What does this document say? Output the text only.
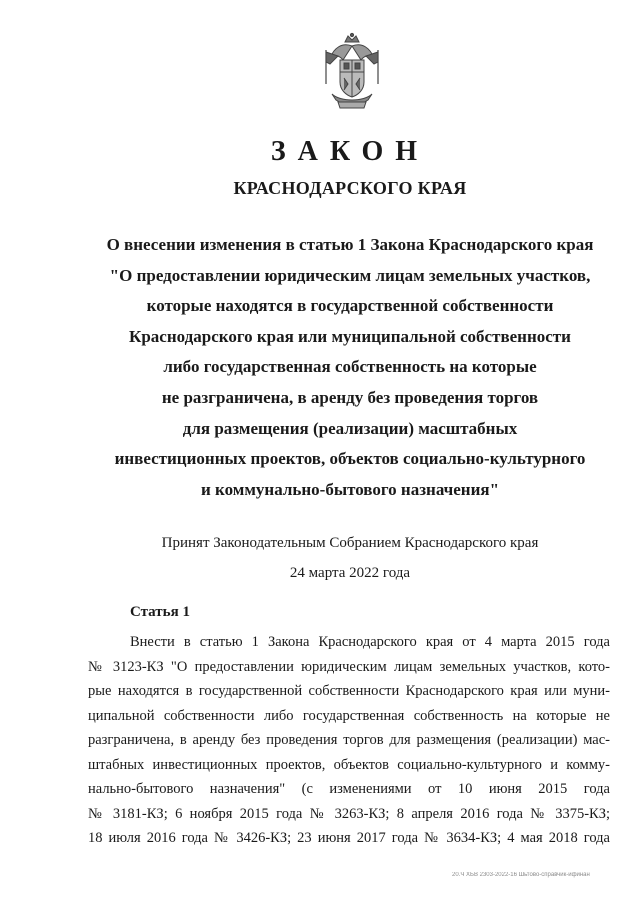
ЗАКОН
КРАСНОДАРСКОГО КРАЯ
О внесении изменения в статью 1 Закона Краснодарского края
"О предоставлении юридическим лицам земельных участков,
которые находятся в государственной собственности
Краснодарского края или муниципальной собственности
либо государственная собственность на которые
не разграничена, в аренду без проведения торгов
для размещения (реализации) масштабных
инвестиционных проектов, объектов социально-культурного
и коммунально-бытового назначения"
Принят Законодательным Собранием Краснодарского края
24 марта 2022 года
Статья 1
Внести в статью 1 Закона Краснодарского края от 4 марта 2015 года
№ 3123-КЗ "О предоставлении юридическим лицам земельных участков, кото-
рые находятся в государственной собственности Краснодарского края или муни-
ципальной собственности либо государственная собственность на которые не
разграничена, в аренду без проведения торгов для размещения (реализации) мас-
штабных инвестиционных проектов, объектов социально-культурного и комму-
нально-бытового назначения" (с изменениями от 10 июня 2015 года
№ 3181-КЗ; 6 ноября 2015 года № 3263-КЗ; 8 апреля 2016 года № 3375-КЗ;
18 июля 2016 года № 3426-КЗ; 23 июня 2017 года № 3634-КЗ; 4 мая 2018 года
20.Ч ХБВ 2303-2022-16 Шьтово-справчик-ифинан
